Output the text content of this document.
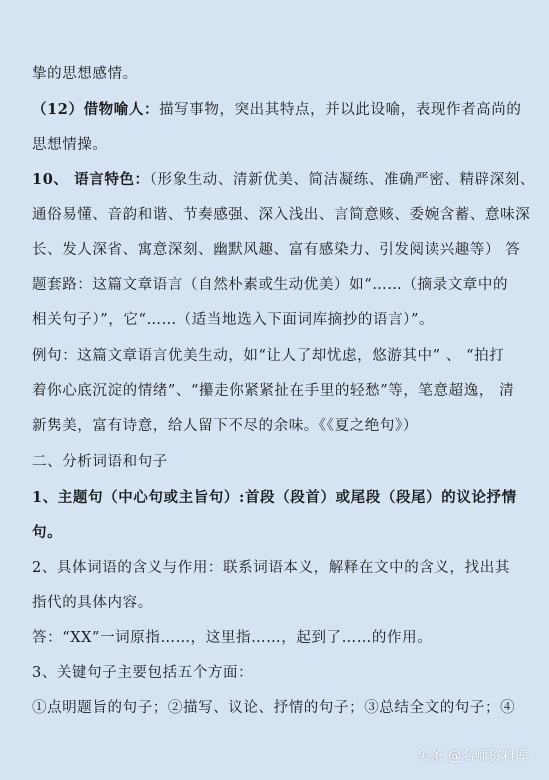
挚的思想感情。
（12）借物喻人：描写事物，突出其特点，并以此设喻，表现作者高尚的
思想情操。
10、 语言特色：（形象生动、清新优美、简洁凝练、准确严密、精辟深刻、
通俗易懂、音韵和谐、节奏感强、深入浅出、言简意赅、委婉含蓄、意味深
长、发人深省、寓意深刻、幽默风趣、富有感染力、引发阅读兴趣等） 答
题套路：这篇文章语言（自然朴素或生动优美）如“……（摘录文章中的
相关句子）”，它“……（适当地选入下面词库摘抄的语言）”。
例句：这篇文章语言优美生动，如“让人了却忧虑，悠游其中” 、 “拍打
着你心底沉淀的情绪”、“攥走你紧紧扯在手里的轻愁”等，笔意超逸， 清
新隽美，富有诗意，给人留下不尽的余味。《《夏之绝句》）
二、分析词语和句子
1、主题句（中心句或主旨句）:首段（段首）或尾段（段尾）的议论抒情
句。
2、具体词语的含义与作用：联系词语本义，解释在文中的含义，找出其
指代的具体内容。
答：“XX”一词原指……，这里指……，起到了……的作用。
3、关键句子主要包括五个方面：
①点明题旨的句子；②描写、议论、抒情的句子；③总结全文的句子；④
头条 @名师资料库
